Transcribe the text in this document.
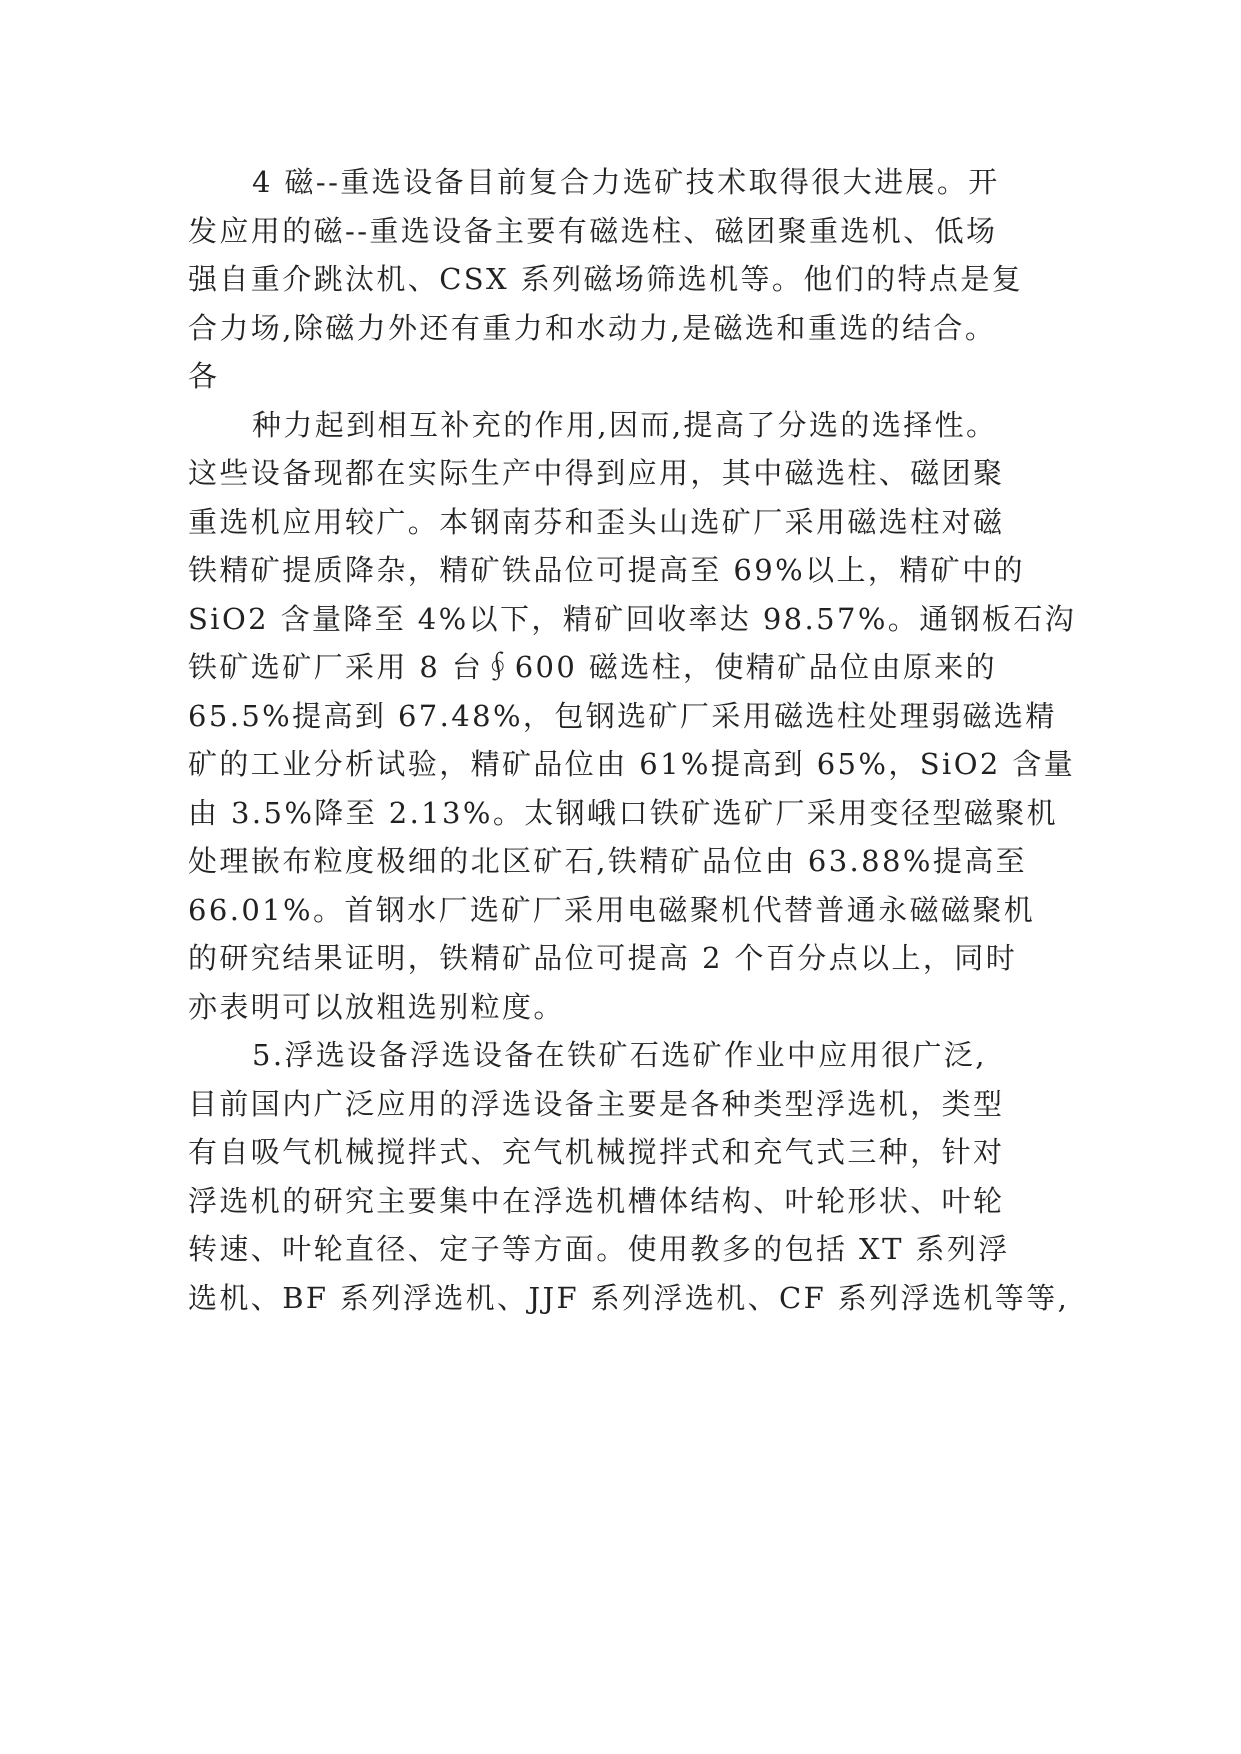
4 磁--重选设备目前复合力选矿技术取得很大进展。开
发应用的磁--重选设备主要有磁选柱、磁团聚重选机、低场
强自重介跳汰机、CSX 系列磁场筛选机等。他们的特点是复
合力场,除磁力外还有重力和水动力,是磁选和重选的结合。
各
种力起到相互补充的作用,因而,提高了分选的选择性。
这些设备现都在实际生产中得到应用，其中磁选柱、磁团聚
重选机应用较广。本钢南芬和歪头山选矿厂采用磁选柱对磁
铁精矿提质降杂，精矿铁品位可提高至 69%以上，精矿中的
SiO2 含量降至 4%以下，精矿回收率达 98.57%。通钢板石沟
铁矿选矿厂采用 8 台∮600 磁选柱，使精矿品位由原来的
65.5%提高到 67.48%，包钢选矿厂采用磁选柱处理弱磁选精
矿的工业分析试验，精矿品位由 61%提高到 65%，SiO2 含量
由 3.5%降至 2.13%。太钢峨口铁矿选矿厂采用变径型磁聚机
处理嵌布粒度极细的北区矿石,铁精矿品位由 63.88%提高至
66.01%。首钢水厂选矿厂采用电磁聚机代替普通永磁磁聚机
的研究结果证明，铁精矿品位可提高 2 个百分点以上，同时
亦表明可以放粗选别粒度。
5.浮选设备浮选设备在铁矿石选矿作业中应用很广泛,
目前国内广泛应用的浮选设备主要是各种类型浮选机，类型
有自吸气机械搅拌式、充气机械搅拌式和充气式三种，针对
浮选机的研究主要集中在浮选机槽体结构、叶轮形状、叶轮
转速、叶轮直径、定子等方面。使用教多的包括 XT 系列浮
选机、BF 系列浮选机、JJF 系列浮选机、CF 系列浮选机等等,
